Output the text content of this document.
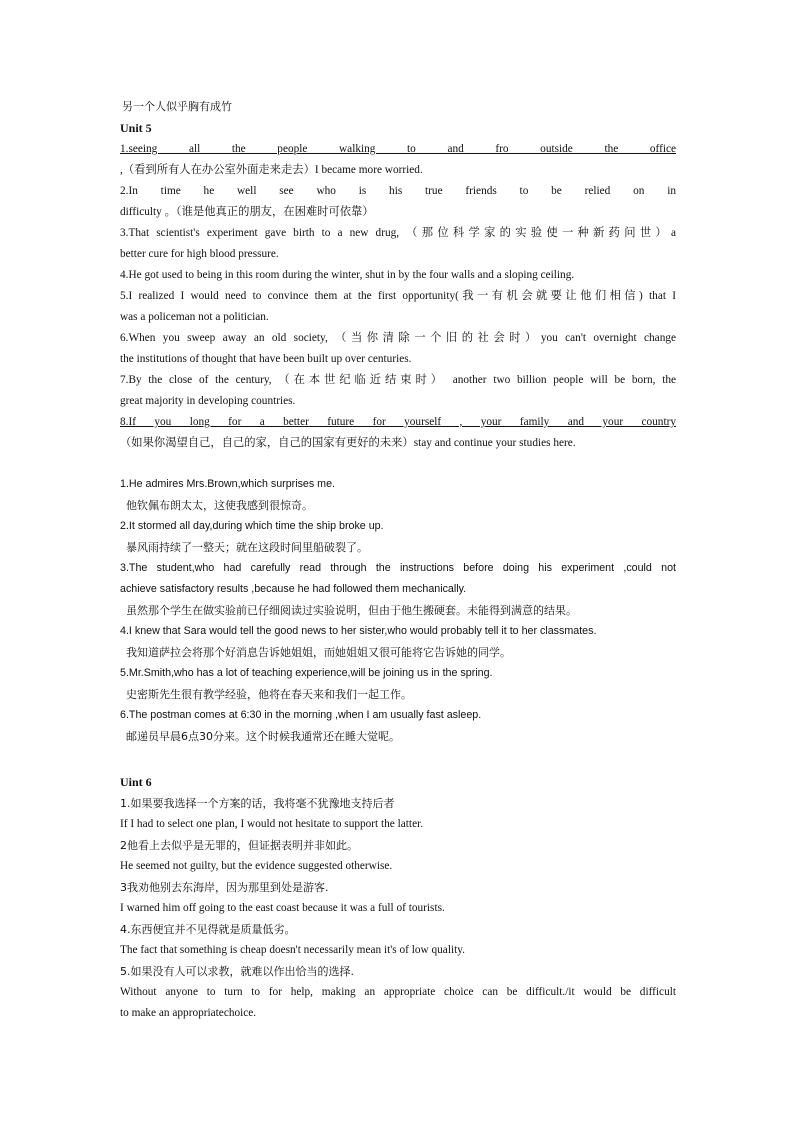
另一个人似乎胸有成竹
Unit 5
1.seeing all the people walking to and fro outside the office
,（看到所有人在办公室外面走来走去）I became more worried.
2.In time he well see who is his true friends to be relied on in
difficulty 。（谁是他真正的朋友，在困难时可依靠）
3.That scientist's experiment gave birth to a new drug, （那位科学家的实验使一种新药问世）a
better cure for high blood pressure.
4.He got used to being in this room during the winter, shut in by the four walls and a sloping ceiling.
5.I realized I would need to convince them at the first opportunity(我一有机会就要让他们相信) that I
was a policeman not a politician.
6.When you sweep away an old society, （当你清除一个旧的社会时）you can't overnight change
the institutions of thought that have been built up over centuries.
7.By the close of the century, （在本世纪临近结束时） another two billion people will be born, the
great majority in developing countries.
8.If you long for a better future for yourself , your family and your country
（如果你渴望自己，自己的家，自己的国家有更好的未来）stay and continue your studies here.
1.He admires Mrs.Brown,which surprises me.
他钦佩布朗太太，这使我感到很惊奇。
2.It stormed all day,during which time the ship broke up.
暴风雨持续了一整天；就在这段时间里船破裂了。
3.The student,who had carefully read through the instructions before doing his experiment ,could not
achieve satisfactory results ,because he had followed them mechanically.
虽然那个学生在做实验前已仔细阅读过实验说明，但由于他生搬硬套。未能得到满意的结果。
4.I knew that Sara would tell the good news to her sister,who would probably tell it to her classmates.
我知道萨拉会将那个好消息告诉她姐姐，而她姐姐又很可能将它告诉她的同学。
5.Mr.Smith,who has a lot of teaching experience,will be joining us in the spring.
史密斯先生很有教学经验，他将在春天来和我们一起工作。
6.The postman comes at 6:30 in the morning ,when I am usually fast asleep.
邮递员早晨6点30分来。这个时候我通常还在睡大觉呢。
Uint 6
1.如果要我选择一个方案的话，我将毫不犹豫地支持后者
If I had to select one plan, I would not hesitate to support the latter.
2他看上去似乎是无罪的，但证据表明并非如此。
He seemed not guilty, but the evidence suggested otherwise.
3我劝他别去东海岸，因为那里到处是游客.
I warned him off going to the east coast because it was a full of tourists.
4.东西便宜并不见得就是质量低劣。
The fact that something is cheap doesn't necessarily mean it's of low quality.
5.如果没有人可以求教，就难以作出恰当的选择.
Without anyone to turn to for help, making an appropriate choice can be difficult./it would be difficult
to make an appropriatechoice.
